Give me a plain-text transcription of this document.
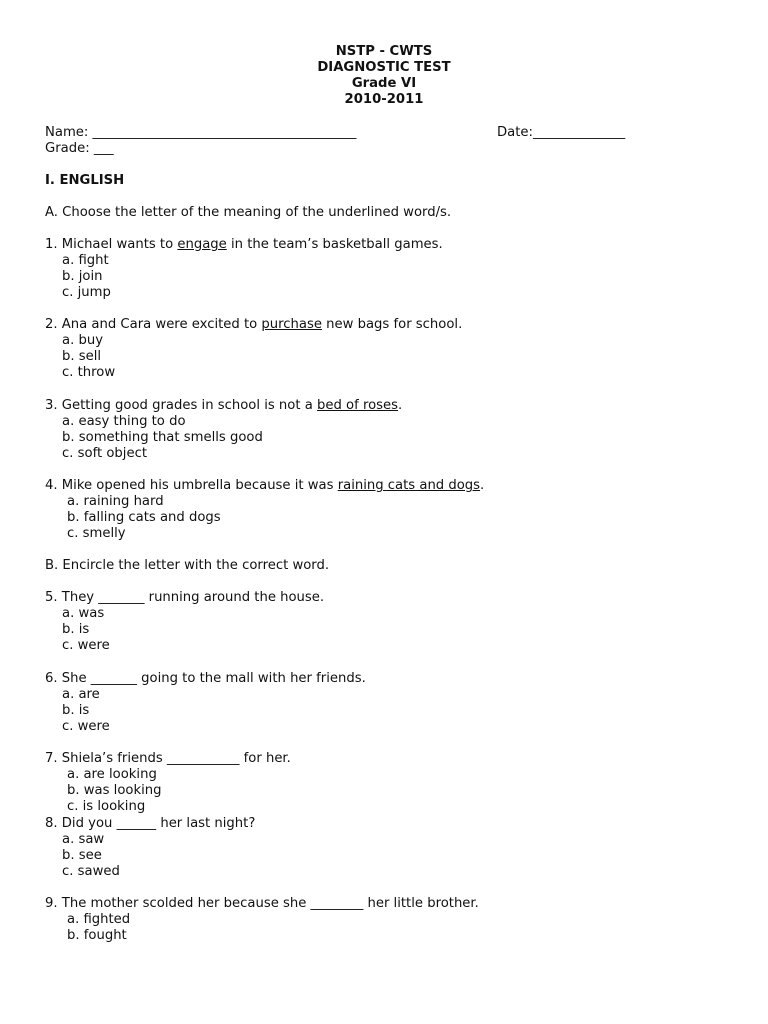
NSTP - CWTS
DIAGNOSTIC TEST
Grade VI
2010-2011
Name: ________________________________________	Date:______________
Grade: ___
I. ENGLISH
A. Choose the letter of the meaning of the underlined word/s.
1. Michael wants to engage in the team’s basketball games.
a. fight
b. join
c. jump
2. Ana and Cara were excited to purchase new bags for school.
a. buy
b. sell
c. throw
3. Getting good grades in school is not a bed of roses.
a. easy thing to do
b. something that smells good
c. soft object
4. Mike opened his umbrella because it was raining cats and dogs.
a. raining hard
b. falling cats and dogs
c. smelly
B. Encircle the letter with the correct word.
5. They _______ running around the house.
a. was
b. is
c. were
6. She _______ going to the mall with her friends.
a. are
b. is
c. were
7. Shiela’s friends ___________ for her.
a. are looking
b. was looking
c. is looking
8. Did you ______ her last night?
a. saw
b. see
c. sawed
9. The mother scolded her because she ________ her little brother.
a. fighted
b. fought
